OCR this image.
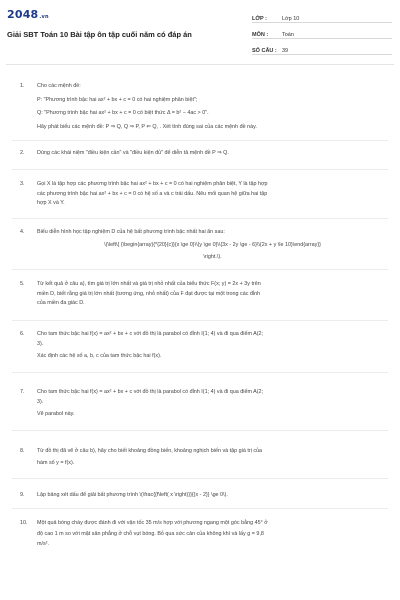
2048.vn
Giải SBT Toán 10 Bài tập ôn tập cuối năm có đáp án
LỚP :	Lớp 10
MÔN :	Toán
SỐ CÂU : 39
1. Cho các mệnh đề:
P: "Phương trình bậc hai ax² + bx + c = 0 có hai nghiệm phân biệt";
Q: "Phương trình bậc hai ax² + bx + c = 0 có biệt thức Δ = b² − 4ac > 0".
Hãy phát biểu các mệnh đề: P ⇒ Q, Q ⇒ P, P ⇐ Q, . Xét tính đúng sai của các mệnh đề này.
2. Dùng các khái niệm "điều kiện cần" và "điều kiện đủ" để diễn tả mệnh đề P ⇒ Q.
3. Gọi X là tập hợp các phương trình bậc hai ax² + bx + c = 0 có hai nghiệm phân biệt, Y là tập hợp
các phương trình bậc hai ax² + bx + c = 0 có hệ số a và c trái dấu. Nêu mối quan hệ giữa hai tập
hợp X và Y.
4. Biểu diễn hình học tập nghiệm D của hệ bất phương trình bậc nhất hai ẩn sau:
\(\left\{ {\begin{array}{*{20}{c}}{x \ge 0}\\{y \ge 0}\\{3x - 2y \ge - 6}\\{2x + y \le 10}\end{array}}
\right.\).
5. Từ kết quả ở câu a), tìm giá trị lớn nhất và giá trị nhỏ nhất của biểu thức F(x; y) = 2x + 3y trên
miền D, biết rằng giá trị lớn nhất (tương ứng, nhỏ nhất) của F đạt được tại một trong các đỉnh
của miền đa giác D.
6. Cho tam thức bậc hai f(x) = ax² + bx + c với đồ thị là parabol có đỉnh I(1; 4) và đi qua điểm A(2;
3).
Xác định các hệ số a, b, c của tam thức bậc hai f(x).
7. Cho tam thức bậc hai f(x) = ax² + bx + c với đồ thị là parabol có đỉnh I(1; 4) và đi qua điểm A(2;
3).
Vẽ parabol này.
8. Từ đồ thị đã vẽ ở câu b), hãy cho biết khoảng đồng biến, khoảng nghịch biến và tập giá trị của
hàm số y = f(x).
9. Lập bảng xét dấu để giải bất phương trình \(\frac{{f\left( x \right)}}{{x - 2}} \ge 0\).
10. Một quả bóng chày được đánh đi với vận tốc 35 m/s hợp với phương ngang một góc bằng 45° ở
độ cao 1 m so với mặt sân phẳng ở chỗ vụt bóng. Bỏ qua sức cản của không khí và lấy g = 9,8
m/s².
